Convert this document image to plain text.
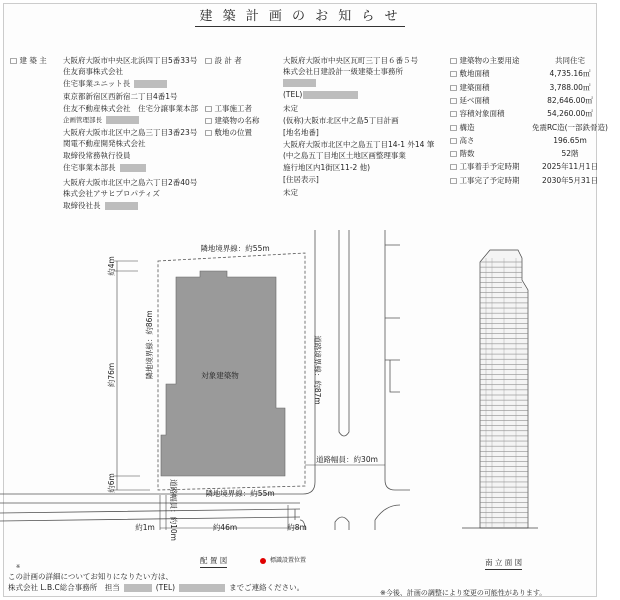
建 築 計 画 の お 知 ら せ
□ 建 築 主 大阪府大阪市中央区北浜四丁目5番33号
住友商事株式会社
住宅事業ユニット長
東京都新宿区西新宿二丁目4番1号
住友不動産株式会社　住宅分譲事業本部
企画管理部長
大阪府大阪市北区中之島三丁目3番23号
関電不動産開発株式会社
取締役常務執行役員
住宅事業本部長
大阪府大阪市北区中之島六丁目2番40号
株式会社アサヒプロパティズ
取締役社長
□ 設 計 者	大阪府大阪市中央区瓦町三丁目６番５号
株式会社日建設計一級建築士事務所
(TEL)
□ 工事施工者	未定
□ 建築物の名称	(仮称)大阪市北区中之島5丁目計画
□ 敷地の位置	[地名地番]
大阪府大阪市北区中之島五丁目14-1 外14 筆
(中之島五丁目地区土地区画整理事業
施行地区内1街区11-2 他)
[住居表示]
未定
□ 建築物の主要用途	共同住宅
□ 敷地面積	4,735.16㎡
□ 建築面積	3,788.00㎡
□ 延べ面積	82,646.00㎡
□ 容積対象面積	54,260.00㎡
□ 構造	免震RC造(一部鉄骨造)
□ 高さ	196.65m
□ 階数	52階
□ 工事着手予定時期	2025年11月1日
□ 工事完了予定時期	2030年5月31日
対象建築物
隣地境界線：約55m
隣地境界線：約86m	道路境界線：約87m
隣地境界線：約55m
道路幅員：約30m
道路幅員：約10m
約4m
約76m
約6m
約1m	約46m	約8m
配 置 図	標識設置位置	南 立 面 図
※
この計画の詳細についてお知りになりたい方は、
株式会社 L.B.C総合事務所　担当	(TEL)	までご連絡ください。
※今後、計画の調整により変更の可能性があります。
